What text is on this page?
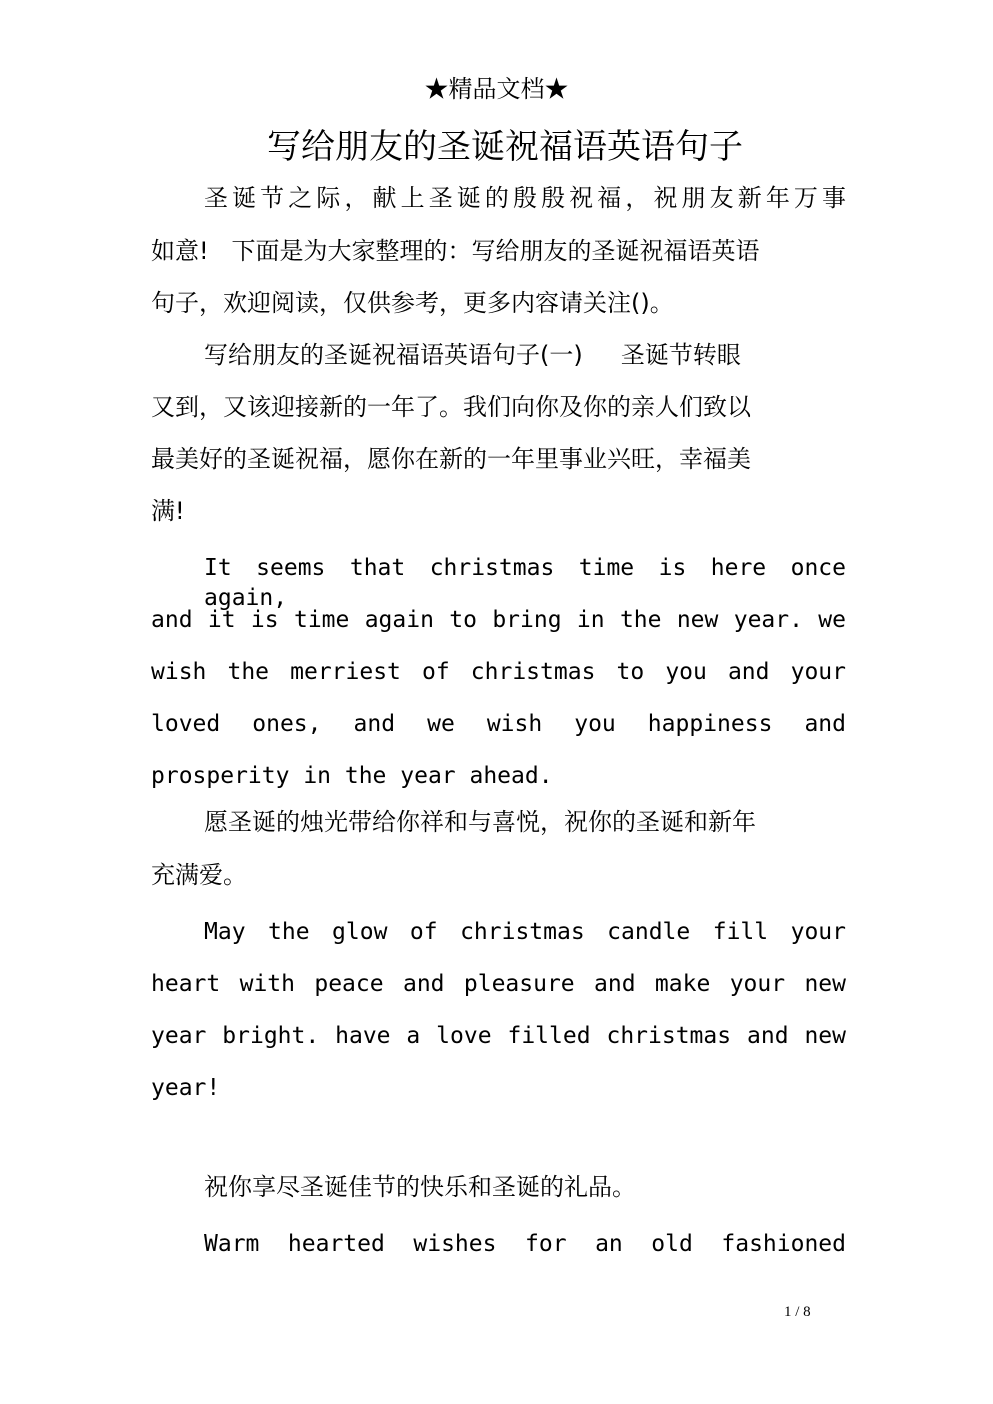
★精品文档★
写给朋友的圣诞祝福语英语句子
圣诞节之际，献上圣诞的殷殷祝福，祝朋友新年万事
如意!   下面是为大家整理的：写给朋友的圣诞祝福语英语
句子，欢迎阅读，仅供参考，更多内容请关注()。
写给朋友的圣诞祝福语英语句子(一)     圣诞节转眼
又到，又该迎接新的一年了。我们向你及你的亲人们致以
最美好的圣诞祝福，愿你在新的一年里事业兴旺，幸福美
满!
It seems that christmas time is here once again,
and it is time again to bring in the new year. we
wish the merriest of christmas to you and your
loved ones, and we wish you happiness and
prosperity in the year ahead.
愿圣诞的烛光带给你祥和与喜悦，祝你的圣诞和新年
充满爱。
May the glow of christmas candle fill your
heart with peace and pleasure and make your new
year bright. have a love filled christmas and new
year!
祝你享尽圣诞佳节的快乐和圣诞的礼品。
Warm hearted wishes for an old fashioned
1 / 8
